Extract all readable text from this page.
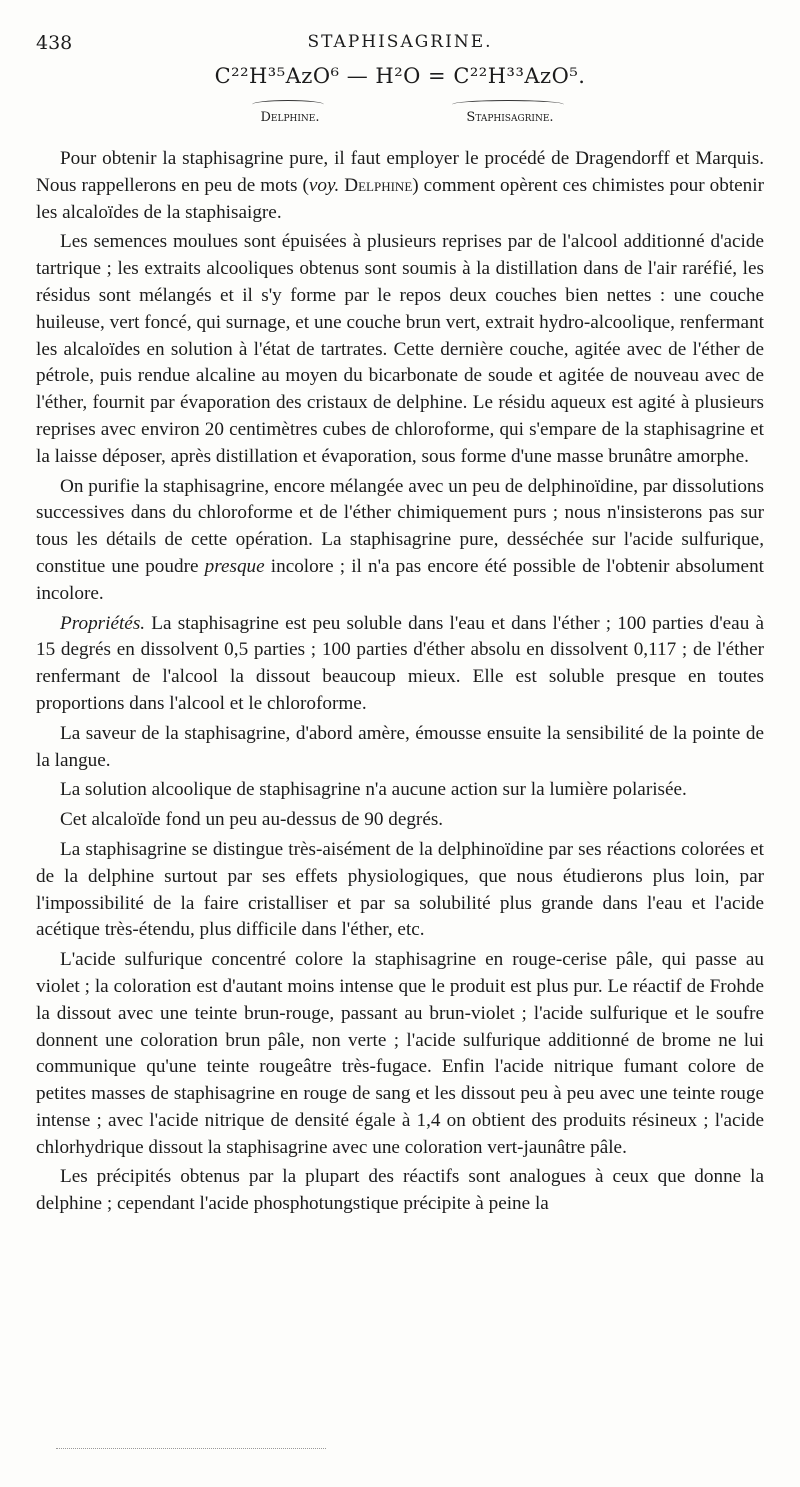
438	STAPHISAGRINE.
C²²H³⁵AzO⁶ — H²O = C²²H³³AzO⁵.
Delphine.	Staphisagrine.

Pour obtenir la staphisagrine pure, il faut employer le procédé de Dragendorff et Marquis. Nous rappellerons en peu de mots (voy. Delphine) comment opèrent ces chimistes pour obtenir les alcaloïdes de la staphisaigre.

Les semences moulues sont épuisées à plusieurs reprises par de l'alcool additionné d'acide tartrique ; les extraits alcooliques obtenus sont soumis à la distillation dans de l'air raréfié, les résidus sont mélangés et il s'y forme par le repos deux couches bien nettes : une couche huileuse, vert foncé, qui surnage, et une couche brun vert, extrait hydro-alcoolique, renfermant les alcaloïdes en solution à l'état de tartrates. Cette dernière couche, agitée avec de l'éther de pétrole, puis rendue alcaline au moyen du bicarbonate de soude et agitée de nouveau avec de l'éther, fournit par évaporation des cristaux de delphine. Le résidu aqueux est agité à plusieurs reprises avec environ 20 centimètres cubes de chloroforme, qui s'empare de la staphisagrine et la laisse déposer, après distillation et évaporation, sous forme d'une masse brunâtre amorphe.

On purifie la staphisagrine, encore mélangée avec un peu de delphinoïdine, par dissolutions successives dans du chloroforme et de l'éther chimiquement purs ; nous n'insisterons pas sur tous les détails de cette opération. La staphisagrine pure, desséchée sur l'acide sulfurique, constitue une poudre presque incolore ; il n'a pas encore été possible de l'obtenir absolument incolore.

Propriétés. La staphisagrine est peu soluble dans l'eau et dans l'éther ; 100 parties d'eau à 15 degrés en dissolvent 0,5 parties ; 100 parties d'éther absolu en dissolvent 0,117 ; de l'éther renfermant de l'alcool la dissout beaucoup mieux. Elle est soluble presque en toutes proportions dans l'alcool et le chloroforme.

La saveur de la staphisagrine, d'abord amère, émousse ensuite la sensibilité de la pointe de la langue.

La solution alcoolique de staphisagrine n'a aucune action sur la lumière polarisée.

Cet alcaloïde fond un peu au-dessus de 90 degrés.

La staphisagrine se distingue très-aisément de la delphinoïdine par ses réactions colorées et de la delphine surtout par ses effets physiologiques, que nous étudierons plus loin, par l'impossibilité de la faire cristalliser et par sa solubilité plus grande dans l'eau et l'acide acétique très-étendu, plus difficile dans l'éther, etc.

L'acide sulfurique concentré colore la staphisagrine en rouge-cerise pâle, qui passe au violet ; la coloration est d'autant moins intense que le produit est plus pur. Le réactif de Frohde la dissout avec une teinte brun-rouge, passant au brun-violet ; l'acide sulfurique et le soufre donnent une coloration brun pâle, non verte ; l'acide sulfurique additionné de brome ne lui communique qu'une teinte rougeâtre très-fugace. Enfin l'acide nitrique fumant colore de petites masses de staphisagrine en rouge de sang et les dissout peu à peu avec une teinte rouge intense ; avec l'acide nitrique de densité égale à 1,4 on obtient des produits résineux ; l'acide chlorhydrique dissout la staphisagrine avec une coloration vert-jaunâtre pâle.

Les précipités obtenus par la plupart des réactifs sont analogues à ceux que donne la delphine ; cependant l'acide phosphotungstique précipite à peine la
